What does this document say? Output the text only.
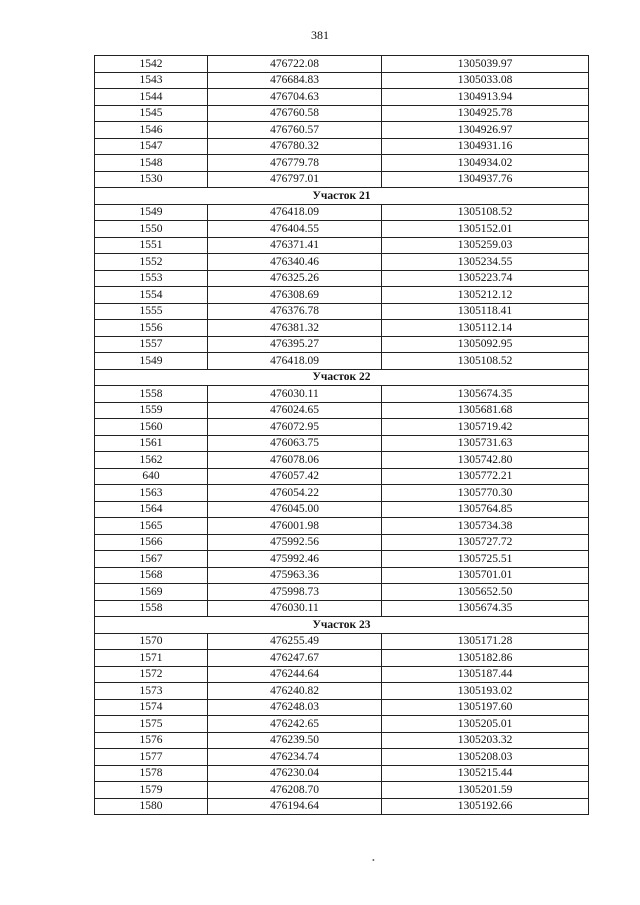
381
1542	476722.08	1305039.97
1543	476684.83	1305033.08
1544	476704.63	1304913.94
1545	476760.58	1304925.78
1546	476760.57	1304926.97
1547	476780.32	1304931.16
1548	476779.78	1304934.02
1530	476797.01	1304937.76
Участок 21		
1549	476418.09	1305108.52
1550	476404.55	1305152.01
1551	476371.41	1305259.03
1552	476340.46	1305234.55
1553	476325.26	1305223.74
1554	476308.69	1305212.12
1555	476376.78	1305118.41
1556	476381.32	1305112.14
1557	476395.27	1305092.95
1549	476418.09	1305108.52
Участок 22		
1558	476030.11	1305674.35
1559	476024.65	1305681.68
1560	476072.95	1305719.42
1561	476063.75	1305731.63
1562	476078.06	1305742.80
640	476057.42	1305772.21
1563	476054.22	1305770.30
1564	476045.00	1305764.85
1565	476001.98	1305734.38
1566	475992.56	1305727.72
1567	475992.46	1305725.51
1568	475963.36	1305701.01
1569	475998.73	1305652.50
1558	476030.11	1305674.35
Участок 23		
1570	476255.49	1305171.28
1571	476247.67	1305182.86
1572	476244.64	1305187.44
1573	476240.82	1305193.02
1574	476248.03	1305197.60
1575	476242.65	1305205.01
1576	476239.50	1305203.32
1577	476234.74	1305208.03
1578	476230.04	1305215.44
1579	476208.70	1305201.59
1580	476194.64	1305192.66
•
